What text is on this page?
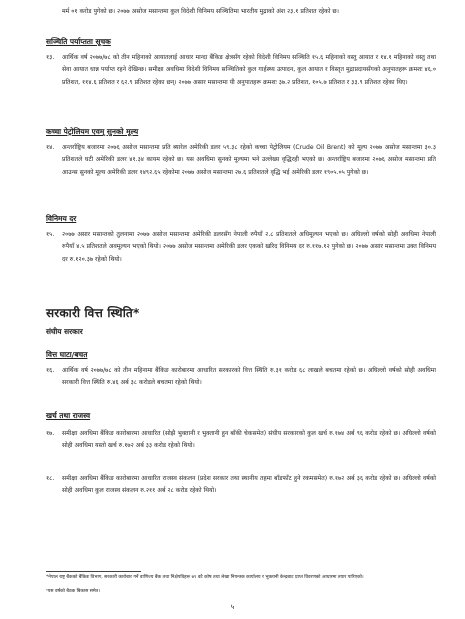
मर्म ०१ करोड पुगेको छ। २०७७ असोज मसान्तमा कुल विदेशी विनिमय सञ्चितिमा भारतीय मुद्राको अंश २३.१ प्रतिशत रहेको छ।

सञ्चिति पर्याप्तता सूचक

१३. आर्थिक वर्ष २०७७/७८ को तीन महिनाको आयातलाई आधार मान्दा बैंकिङ क्षेत्रसँग रहेको विदेशी विनिमय सञ्चिति १५.६ महिनाको वस्तु आयात र १४.१ महिनाको वस्तु तथा सेवा आयात धान्न पर्याप्त रहने देखिन्छ। समीक्षा अवधिमा विदेशी विनिमय सञ्चितिको कुल गार्हस्थ्य उत्पादन, कुल आयात र विस्तृत मुद्राप्रदायसँगको अनुपातहरू क्रमशः ४६.० प्रतिशत, ११४.६ प्रतिशत र ६२.९ प्रतिशत रहेका छन्। २०७७ असार मसान्तमा यी अनुपातहरू क्रमशः ३७.२ प्रतिशत, १०५.७ प्रतिशत र ३३.९ प्रतिशत रहेका थिए।

कच्चा पेट्रोलियम एवम् सुनको मूल्य

१४. अन्तर्राष्ट्रिय बजारमा २०७६ असोज मसान्तमा प्रति ब्यारेल अमेरिकी डलर ५९.३८ रहेको कच्चा पेट्रोलियम (Crude Oil Brent) को मूल्य २०७७ असोज मसान्तमा ३०.३ प्रतिशतले घटी अमेरिकी डलर ४१.३४ कायम रहेको छ। यस अवधिमा सुनको मूल्यमा भने उल्लेख्य वृद्धिरही भएको छ। अन्तर्राष्ट्रिय बजारमा २०७६ असोज मसान्तमा प्रति आउन्स सुनको मूल्य अमेरिकी डलर १४९२.६५ रहेकोमा २०७७ असोज मसान्तमा २७.६ प्रतिशतले वृद्धि भई अमेरिकी डलर १९०५.०५ पुगेको छ।

विनिमय दर

१५. २०७७ असार मसान्तको तुलनामा २०७७ असोज मसान्तमा अमेरिकी डलरसँग नेपाली रुपैयाँ २.८ प्रतिशतले अधिमूल्यन भएको छ। अघिल्लो वर्षको सोही अवधिमा नेपाली रुपैयाँ ४.५ प्रतिशतले अवमूल्यन भएको थियो। २०७७ असोज मसान्तमा अमेरिकी डलर एकको खरिद विनिमय दर रु.११७.१२ पुगेको छ। २०७७ असार मसान्तमा उक्त विनिमय दर रु.१२०.३७ रहेको थियो।

सरकारी वित्त स्थिति*

संघीय सरकार

वित्त घाटा/बचत

१६. आर्थिक वर्ष २०७७/७८ को तीन महिनामा बैंकिङ कारोबारमा आधारित सरकारको वित्त स्थिति रु.३१ करोड ६८ लाखले बचतमा रहेको छ। अघिल्लो वर्षको सोही अवधिमा सरकारी वित्त स्थिति रु.४६ अर्ब ३८ करोडले बचतमा रहेको थियो।

खर्च तथा राजस्व

१७. समीक्षा अवधिमा बैंकिङ कारोबारमा आधारित (सोझै भुक्तानी र भुक्तानी हुन बाँकी चेकसमेत) संघीय सरकारको कुल खर्च रु.१७४ अर्ब ९६ करोड रहेको छ। अघिल्लो वर्षको सोही अवधिमा यस्तो खर्च रु.१७२ अर्ब ३३ करोड रहेको थियो।

१८. समीक्षा अवधिमा बैंकिङ कारोबारमा आधारित राजस्व संकलन (प्रदेश सरकार तथा स्थानीय तहमा बाँडफाँट हुने रकमसमेत) रु.१७२ अर्ब ३६ करोड रहेको छ। अघिल्लो वर्षको सोही अवधिमा कुल राजस्व संकलन रु.२११ अर्ब २८ करोड रहेको थियो।

*नेपाल राष्ट्र बैंकको बैंकिङ विभाग, सरकारी कारोबार गर्ने वाणिज्य बैंक तथा निक्षेपविहरू ७९ वटै कोष तथा लेखा नियन्त्रक कार्यालय र भुक्तानी केन्द्रबाट प्राप्त विवरणको आधारमा तयार पारिएको।

ˢयस वर्षको बैठक बिकास समेत।

५
